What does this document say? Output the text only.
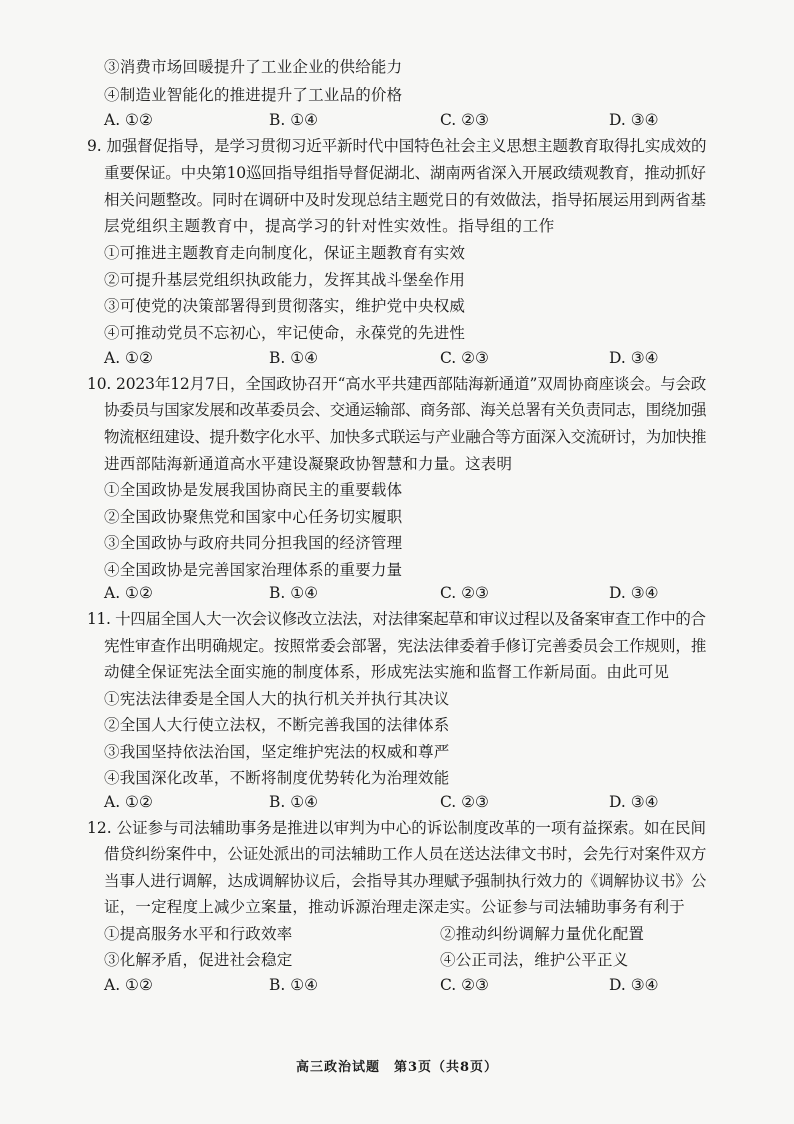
③消费市场回暖提升了工业企业的供给能力
④制造业智能化的推进提升了工业品的价格
A. ①②	B. ①④	C. ②③	D. ③④
9. 加强督促指导，是学习贯彻习近平新时代中国特色社会主义思想主题教育取得扎实成效的
重要保证。中央第10巡回指导组指导督促湖北、湖南两省深入开展政绩观教育，推动抓好
相关问题整改。同时在调研中及时发现总结主题党日的有效做法，指导拓展运用到两省基
层党组织主题教育中，提高学习的针对性实效性。指导组的工作
①可推进主题教育走向制度化，保证主题教育有实效
②可提升基层党组织执政能力，发挥其战斗堡垒作用
③可使党的决策部署得到贯彻落实，维护党中央权威
④可推动党员不忘初心，牢记使命，永葆党的先进性
A. ①②	B. ①④	C. ②③	D. ③④
10. 2023年12月7日，全国政协召开“高水平共建西部陆海新通道”双周协商座谈会。与会政
协委员与国家发展和改革委员会、交通运输部、商务部、海关总署有关负责同志，围绕加强
物流枢纽建设、提升数字化水平、加快多式联运与产业融合等方面深入交流研讨，为加快推
进西部陆海新通道高水平建设凝聚政协智慧和力量。这表明
①全国政协是发展我国协商民主的重要载体
②全国政协聚焦党和国家中心任务切实履职
③全国政协与政府共同分担我国的经济管理
④全国政协是完善国家治理体系的重要力量
A. ①②	B. ①④	C. ②③	D. ③④
11. 十四届全国人大一次会议修改立法法，对法律案起草和审议过程以及备案审查工作中的合
宪性审查作出明确规定。按照常委会部署，宪法法律委着手修订完善委员会工作规则，推
动健全保证宪法全面实施的制度体系，形成宪法实施和监督工作新局面。由此可见
①宪法法律委是全国人大的执行机关并执行其决议
②全国人大行使立法权，不断完善我国的法律体系
③我国坚持依法治国，坚定维护宪法的权威和尊严
④我国深化改革，不断将制度优势转化为治理效能
A. ①②	B. ①④	C. ②③	D. ③④
12. 公证参与司法辅助事务是推进以审判为中心的诉讼制度改革的一项有益探索。如在民间
借贷纠纷案件中，公证处派出的司法辅助工作人员在送达法律文书时，会先行对案件双方
当事人进行调解，达成调解协议后，会指导其办理赋予强制执行效力的《调解协议书》公
证，一定程度上减少立案量，推动诉源治理走深走实。公证参与司法辅助事务有利于
①提高服务水平和行政效率	②推动纠纷调解力量优化配置
③化解矛盾，促进社会稳定	④公正司法，维护公平正义
A. ①②	B. ①④	C. ②③	D. ③④
高三政治试题　第3页（共8页）
